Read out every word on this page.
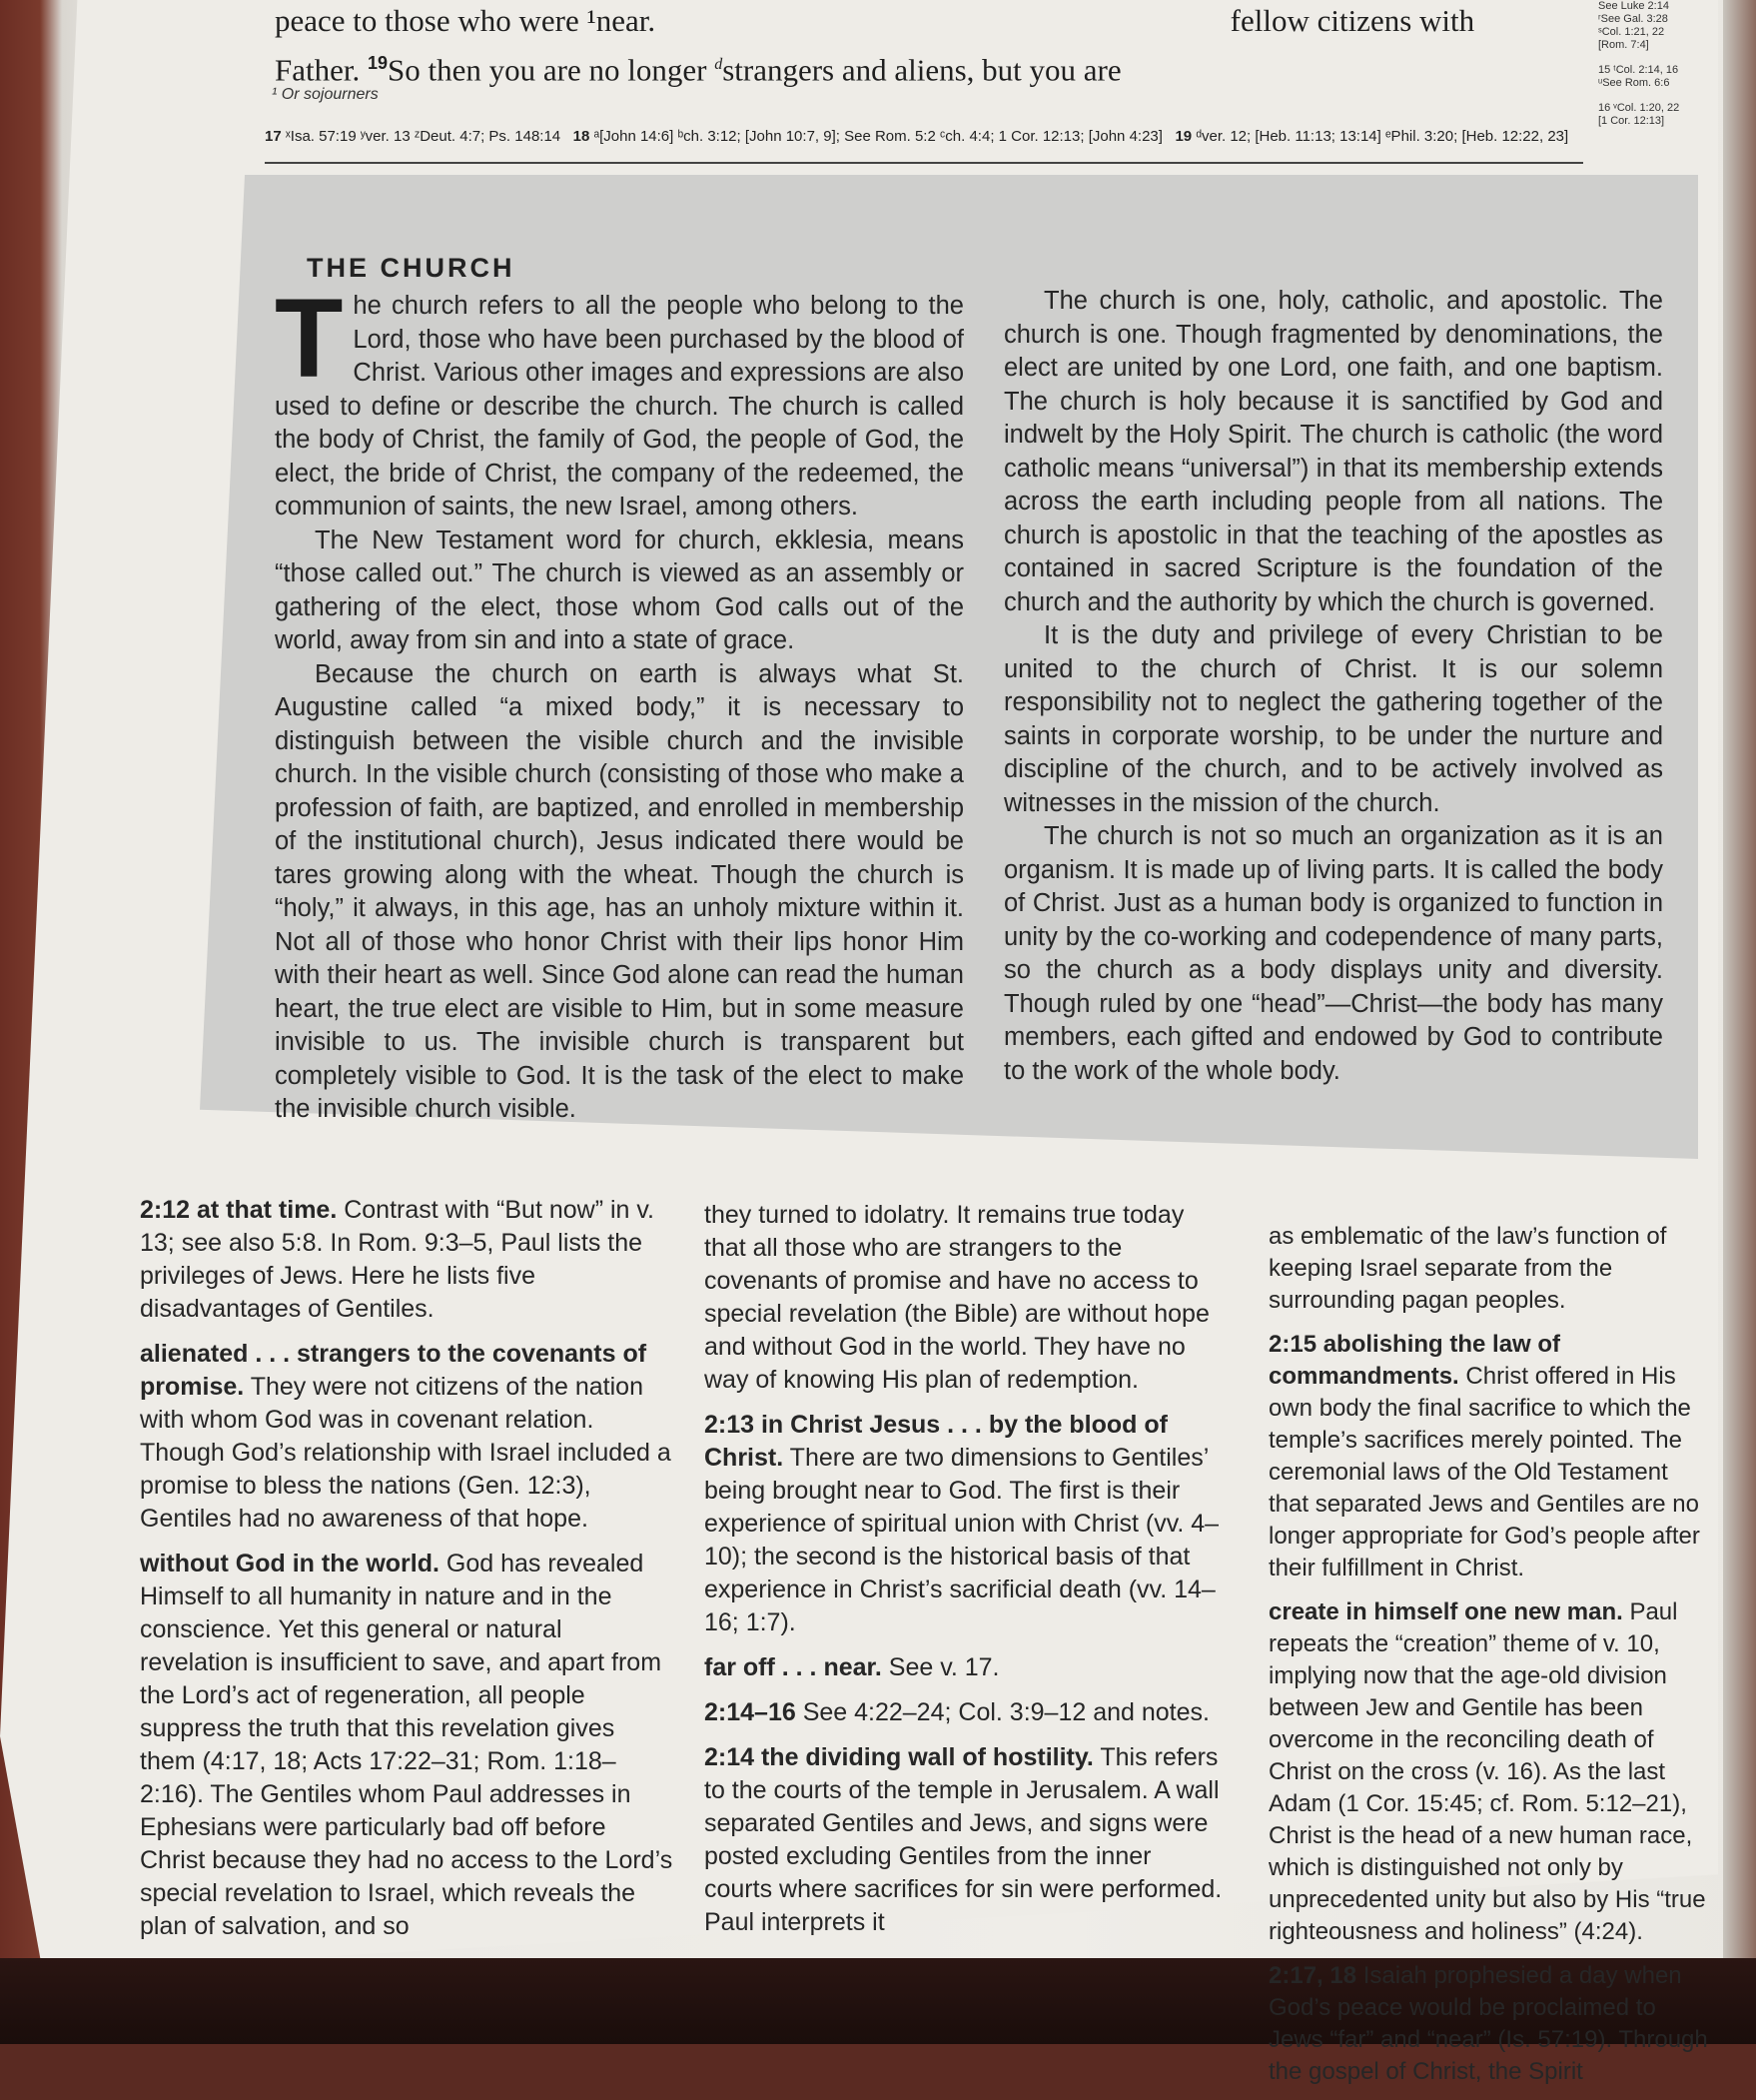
peace to those who were ¹near.	fellow citizens with
Father. $^{19}$So then you are no longer $^d$strangers and aliens, but you are
¹ Or sojourners
17 ˣIsa. 57:19 ʸver. 13 ᶻDeut. 4:7; Ps. 148:14 18 ᵃ[John 14:6] ᵇch. 3:12; [John 10:7, 9]; See Rom. 5:2 ᶜch. 4:4; 1 Cor. 12:13; [John 4:23] 19 ᵈver. 12; [Heb. 11:13; 13:14] ᵉPhil. 3:20; [Heb. 12:22, 23]
See Luke 2:14
ʳSee Gal. 3:28
ˢCol. 1:21, 22
[Rom. 7:4]
15 ᵗCol. 2:14, 16
ᵘSee Rom. 6:6
16 ᵛCol. 1:20, 22
[1 Cor. 12:13]
THE CHURCH

The church refers to all the people who belong to the Lord, those who have been purchased by the blood of Christ. Various other images and expressions are also used to define or describe the church. The church is called the body of Christ, the family of God, the people of God, the elect, the bride of Christ, the company of the redeemed, the communion of saints, the new Israel, among others.

The New Testament word for church, ekklesia, means “those called out.” The church is viewed as an assembly or gathering of the elect, those whom God calls out of the world, away from sin and into a state of grace.

Because the church on earth is always what St. Augustine called “a mixed body,” it is necessary to distinguish between the visible church and the invisible church. In the visible church (consisting of those who make a profession of faith, are baptized, and enrolled in membership of the institutional church), Jesus indicated there would be tares growing along with the wheat. Though the church is “holy,” it always, in this age, has an unholy mixture within it. Not all of those who honor Christ with their lips honor Him with their heart as well. Since God alone can read the human heart, the true elect are visible to Him, but in some measure invisible to us. The invisible church is transparent but completely visible to God. It is the task of the elect to make the invisible church visible.

The church is one, holy, catholic, and apostolic. The church is one. Though fragmented by denominations, the elect are united by one Lord, one faith, and one baptism. The church is holy because it is sanctified by God and indwelt by the Holy Spirit. The church is catholic (the word catholic means “universal”) in that its membership extends across the earth including people from all nations. The church is apostolic in that the teaching of the apostles as contained in sacred Scripture is the foundation of the church and the authority by which the church is governed.

It is the duty and privilege of every Christian to be united to the church of Christ. It is our solemn responsibility not to neglect the gathering together of the saints in corporate worship, to be under the nurture and discipline of the church, and to be actively involved as witnesses in the mission of the church.

The church is not so much an organization as it is an organism. It is made up of living parts. It is called the body of Christ. Just as a human body is organized to function in unity by the co-working and codependence of many parts, so the church as a body displays unity and diversity. Though ruled by one “head”—Christ—the body has many members, each gifted and endowed by God to contribute to the work of the whole body.

2:12 at that time. Contrast with “But now” in v. 13; see also 5:8. In Rom. 9:3–5, Paul lists the privileges of Jews. Here he lists five disadvantages of Gentiles.

alienated . . . strangers to the covenants of promise. They were not citizens of the nation with whom God was in covenant relation. Though God’s relationship with Israel included a promise to bless the nations (Gen. 12:3), Gentiles had no awareness of that hope.

without God in the world. God has revealed Himself to all humanity in nature and in the conscience. Yet this general or natural revelation is insufficient to save, and apart from the Lord’s act of regeneration, all people suppress the truth that this revelation gives them (4:17, 18; Acts 17:22–31; Rom. 1:18–2:16). The Gentiles whom Paul addresses in Ephesians were particularly bad off before Christ because they had no access to the Lord’s special revelation to Israel, which reveals the plan of salvation, and so

they turned to idolatry. It remains true today that all those who are strangers to the covenants of promise and have no access to special revelation (the Bible) are without hope and without God in the world. They have no way of knowing His plan of redemption.

2:13 in Christ Jesus . . . by the blood of Christ. There are two dimensions to Gentiles’ being brought near to God. The first is their experience of spiritual union with Christ (vv. 4–10); the second is the historical basis of that experience in Christ’s sacrificial death (vv. 14–16; 1:7).

far off . . . near. See v. 17.

2:14–16 See 4:22–24; Col. 3:9–12 and notes.

2:14 the dividing wall of hostility. This refers to the courts of the temple in Jerusalem. A wall separated Gentiles and Jews, and signs were posted excluding Gentiles from the inner courts where sacrifices for sin were performed. Paul interprets it

as emblematic of the law’s function of keeping Israel separate from the surrounding pagan peoples.

2:15 abolishing the law of commandments. Christ offered in His own body the final sacrifice to which the temple’s sacrifices merely pointed. The ceremonial laws of the Old Testament that separated Jews and Gentiles are no longer appropriate for God’s people after their fulfillment in Christ.

create in himself one new man. Paul repeats the “creation” theme of v. 10, implying now that the age-old division between Jew and Gentile has been overcome in the reconciling death of Christ on the cross (v. 16). As the last Adam (1 Cor. 15:45; cf. Rom. 5:12–21), Christ is the head of a new human race, which is distinguished not only by unprecedented unity but also by His “true righteousness and holiness” (4:24).

2:17, 18 Isaiah prophesied a day when God’s peace would be proclaimed to Jews “far” and “near” (Is. 57:19). Through the gospel of Christ, the Spirit
